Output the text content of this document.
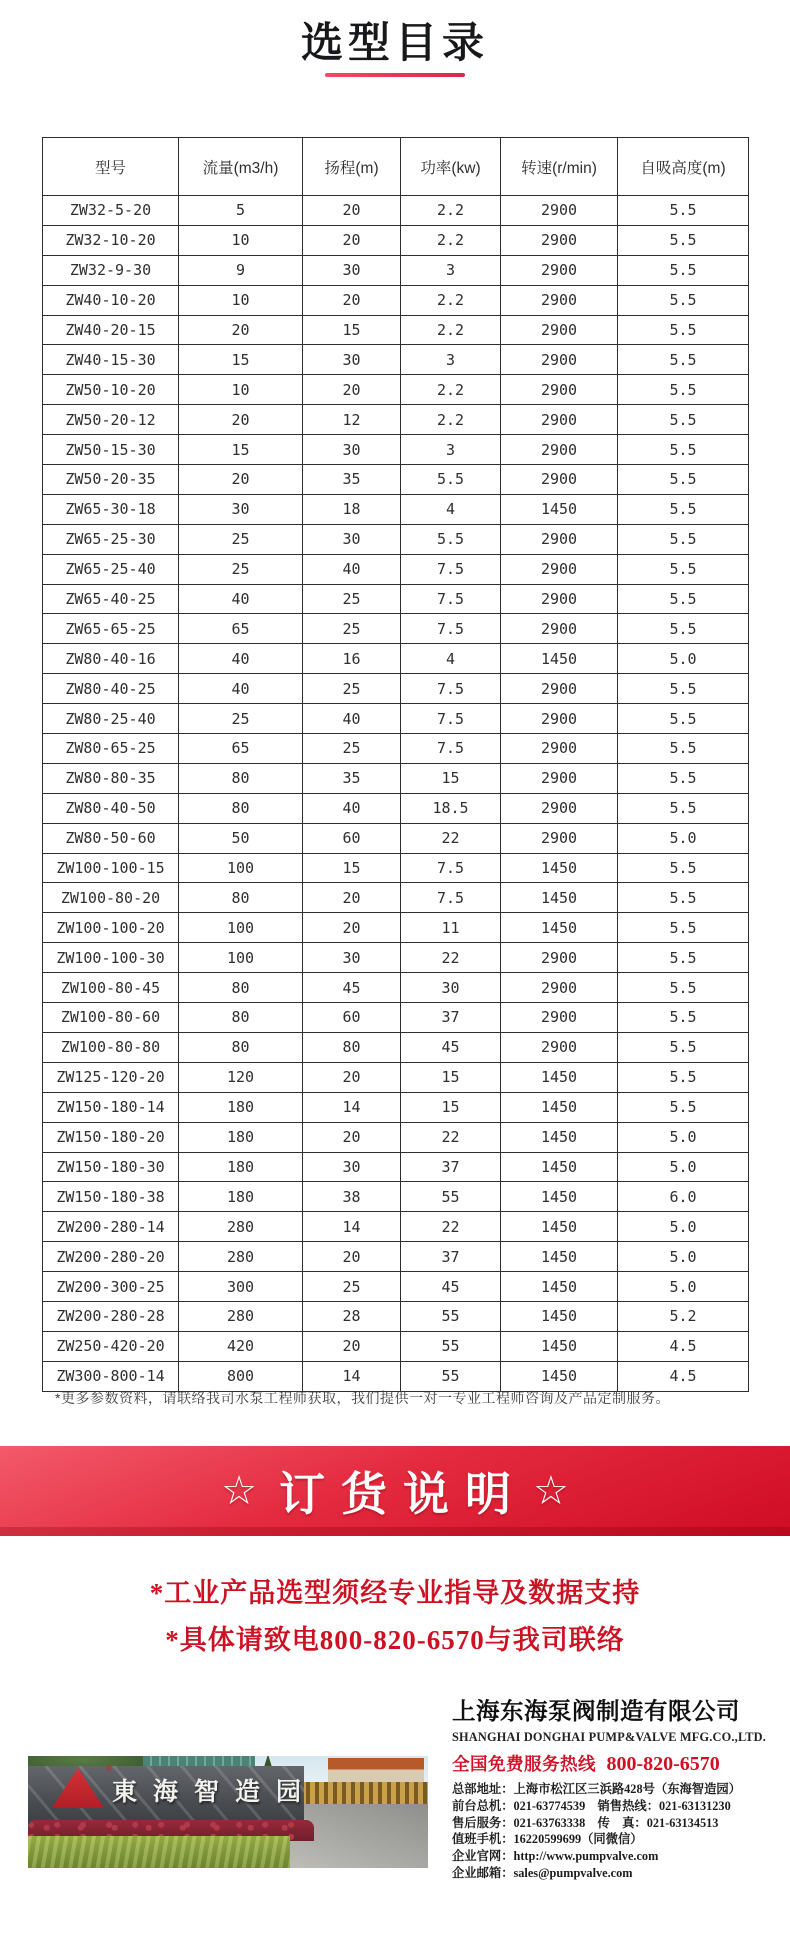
选型目录
型号	流量(m3/h)	扬程(m)	功率(kw)	转速(r/min)	自吸高度(m)
ZW32-5-20	5	20	2.2	2900	5.5
ZW32-10-20	10	20	2.2	2900	5.5
ZW32-9-30	9	30	3	2900	5.5
ZW40-10-20	10	20	2.2	2900	5.5
ZW40-20-15	20	15	2.2	2900	5.5
ZW40-15-30	15	30	3	2900	5.5
ZW50-10-20	10	20	2.2	2900	5.5
ZW50-20-12	20	12	2.2	2900	5.5
ZW50-15-30	15	30	3	2900	5.5
ZW50-20-35	20	35	5.5	2900	5.5
ZW65-30-18	30	18	4	1450	5.5
ZW65-25-30	25	30	5.5	2900	5.5
ZW65-25-40	25	40	7.5	2900	5.5
ZW65-40-25	40	25	7.5	2900	5.5
ZW65-65-25	65	25	7.5	2900	5.5
ZW80-40-16	40	16	4	1450	5.0
ZW80-40-25	40	25	7.5	2900	5.5
ZW80-25-40	25	40	7.5	2900	5.5
ZW80-65-25	65	25	7.5	2900	5.5
ZW80-80-35	80	35	15	2900	5.5
ZW80-40-50	80	40	18.5	2900	5.5
ZW80-50-60	50	60	22	2900	5.0
ZW100-100-15	100	15	7.5	1450	5.5
ZW100-80-20	80	20	7.5	1450	5.5
ZW100-100-20	100	20	11	1450	5.5
ZW100-100-30	100	30	22	2900	5.5
ZW100-80-45	80	45	30	2900	5.5
ZW100-80-60	80	60	37	2900	5.5
ZW100-80-80	80	80	45	2900	5.5
ZW125-120-20	120	20	15	1450	5.5
ZW150-180-14	180	14	15	1450	5.5
ZW150-180-20	180	20	22	1450	5.0
ZW150-180-30	180	30	37	1450	5.0
ZW150-180-38	180	38	55	1450	6.0
ZW200-280-14	280	14	22	1450	5.0
ZW200-280-20	280	20	37	1450	5.0
ZW200-300-25	300	25	45	1450	5.0
ZW200-280-28	280	28	55	1450	5.2
ZW250-420-20	420	20	55	1450	4.5
ZW300-800-14	800	14	55	1450	4.5
*更多参数资料，请联络我司水泵工程师获取，我们提供一对一专业工程师咨询及产品定制服务。
☆ 订货说明 ☆
*工业产品选型须经专业指导及数据支持
*具体请致电800-820-6570与我司联络
®
東海智造园
上海东海泵阀制造有限公司
SHANGHAI DONGHAI PUMP&VALVE MFG.CO.,LTD.
全国免费服务热线 800-820-6570
总部地址：上海市松江区三浜路428号（东海智造园）
前台总机：021-63774539　销售热线：021-63131230
售后服务：021-63763338　传　真：021-63134513
值班手机：16220599699（同微信）
企业官网：http://www.pumpvalve.com
企业邮箱：sales@pumpvalve.com
